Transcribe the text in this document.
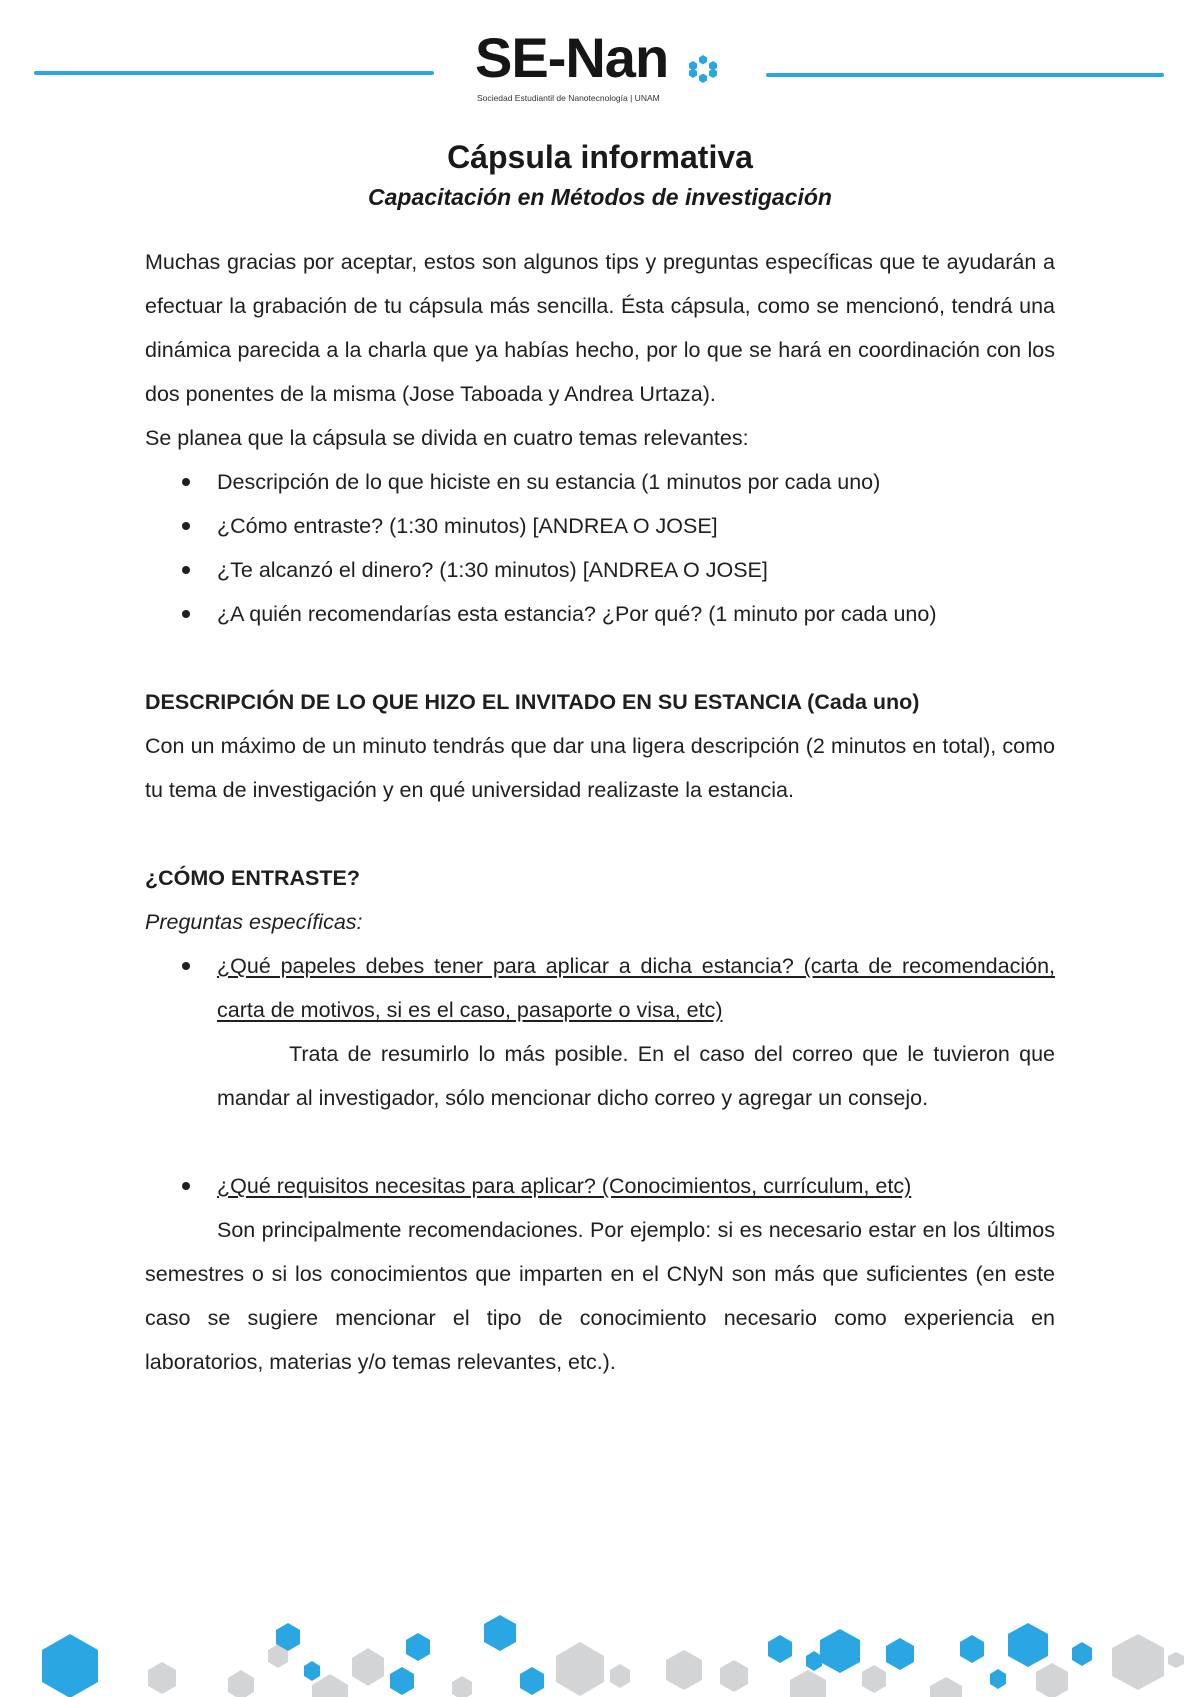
SE-Nan
Sociedad Estudiantil de Nanotecnología | UNAM
Cápsula informativa
Capacitación en Métodos de investigación

Muchas gracias por aceptar, estos son algunos tips y preguntas específicas que te ayudarán a efectuar la grabación de tu cápsula más sencilla. Ésta cápsula, como se mencionó, tendrá una dinámica parecida a la charla que ya habías hecho, por lo que se hará en coordinación con los dos ponentes de la misma (Jose Taboada y Andrea Urtaza).

Se planea que la cápsula se divida en cuatro temas relevantes:

Descripción de lo que hiciste en su estancia (1 minutos por cada uno)
¿Cómo entraste? (1:30 minutos) [ANDREA O JOSE]
¿Te alcanzó el dinero? (1:30 minutos) [ANDREA O JOSE]
¿A quién recomendarías esta estancia? ¿Por qué? (1 minuto por cada uno)
DESCRIPCIÓN DE LO QUE HIZO EL INVITADO EN SU ESTANCIA (Cada uno)

Con un máximo de un minuto tendrás que dar una ligera descripción (2 minutos en total), como tu tema de investigación y en qué universidad realizaste la estancia.

¿CÓMO ENTRASTE?

Preguntas específicas:

¿Qué papeles debes tener para aplicar a dicha estancia? (carta de recomendación, carta de motivos, si es el caso, pasaporte o visa, etc)

Trata de resumirlo lo más posible. En el caso del correo que le tuvieron que mandar al investigador, sólo mencionar dicho correo y agregar un consejo.

¿Qué requisitos necesitas para aplicar? (Conocimientos, currículum, etc)

Son principalmente recomendaciones. Por ejemplo: si es necesario estar en los últimos semestres o si los conocimientos que imparten en el CNyN son más que suficientes (en este caso se sugiere mencionar el tipo de conocimiento necesario como experiencia en laboratorios, materias y/o temas relevantes, etc.).
